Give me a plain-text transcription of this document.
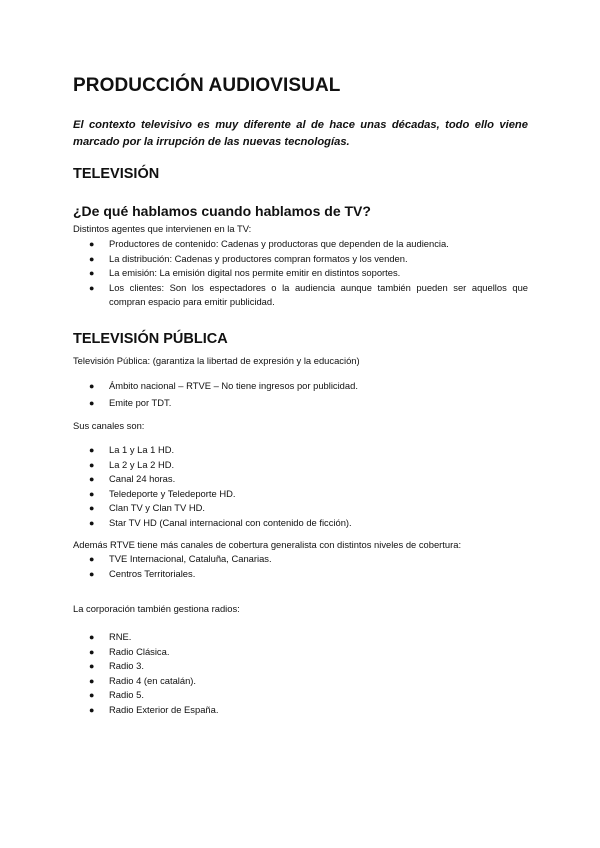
PRODUCCIÓN AUDIOVISUAL
El contexto televisivo es muy diferente al de hace unas décadas, todo ello viene marcado por la irrupción de las nuevas tecnologías.
TELEVISIÓN
¿De qué hablamos cuando hablamos de TV?
Distintos agentes que intervienen en la TV:
● Productores de contenido: Cadenas y productoras que dependen de la audiencia.
● La distribución: Cadenas y productores compran formatos y los venden.
● La emisión: La emisión digital nos permite emitir en distintos soportes.
● Los clientes: Son los espectadores o la audiencia aunque también pueden ser aquellos que compran espacio para emitir publicidad.
TELEVISIÓN PÚBLICA
Televisión Pública: (garantiza la libertad de expresión y la educación)
● Ámbito nacional – RTVE – No tiene ingresos por publicidad.
● Emite por TDT.
Sus canales son:
● La 1 y La 1 HD.
● La 2 y La 2 HD.
● Canal 24 horas.
● Teledeporte y Teledeporte HD.
● Clan TV y Clan TV HD.
● Star TV HD (Canal internacional con contenido de ficción).
Además RTVE tiene más canales de cobertura generalista con distintos niveles de cobertura:
● TVE Internacional, Cataluña, Canarias.
● Centros Territoriales.
La corporación también gestiona radios:
● RNE.
● Radio Clásica.
● Radio 3.
● Radio 4 (en catalán).
● Radio 5.
● Radio Exterior de España.
